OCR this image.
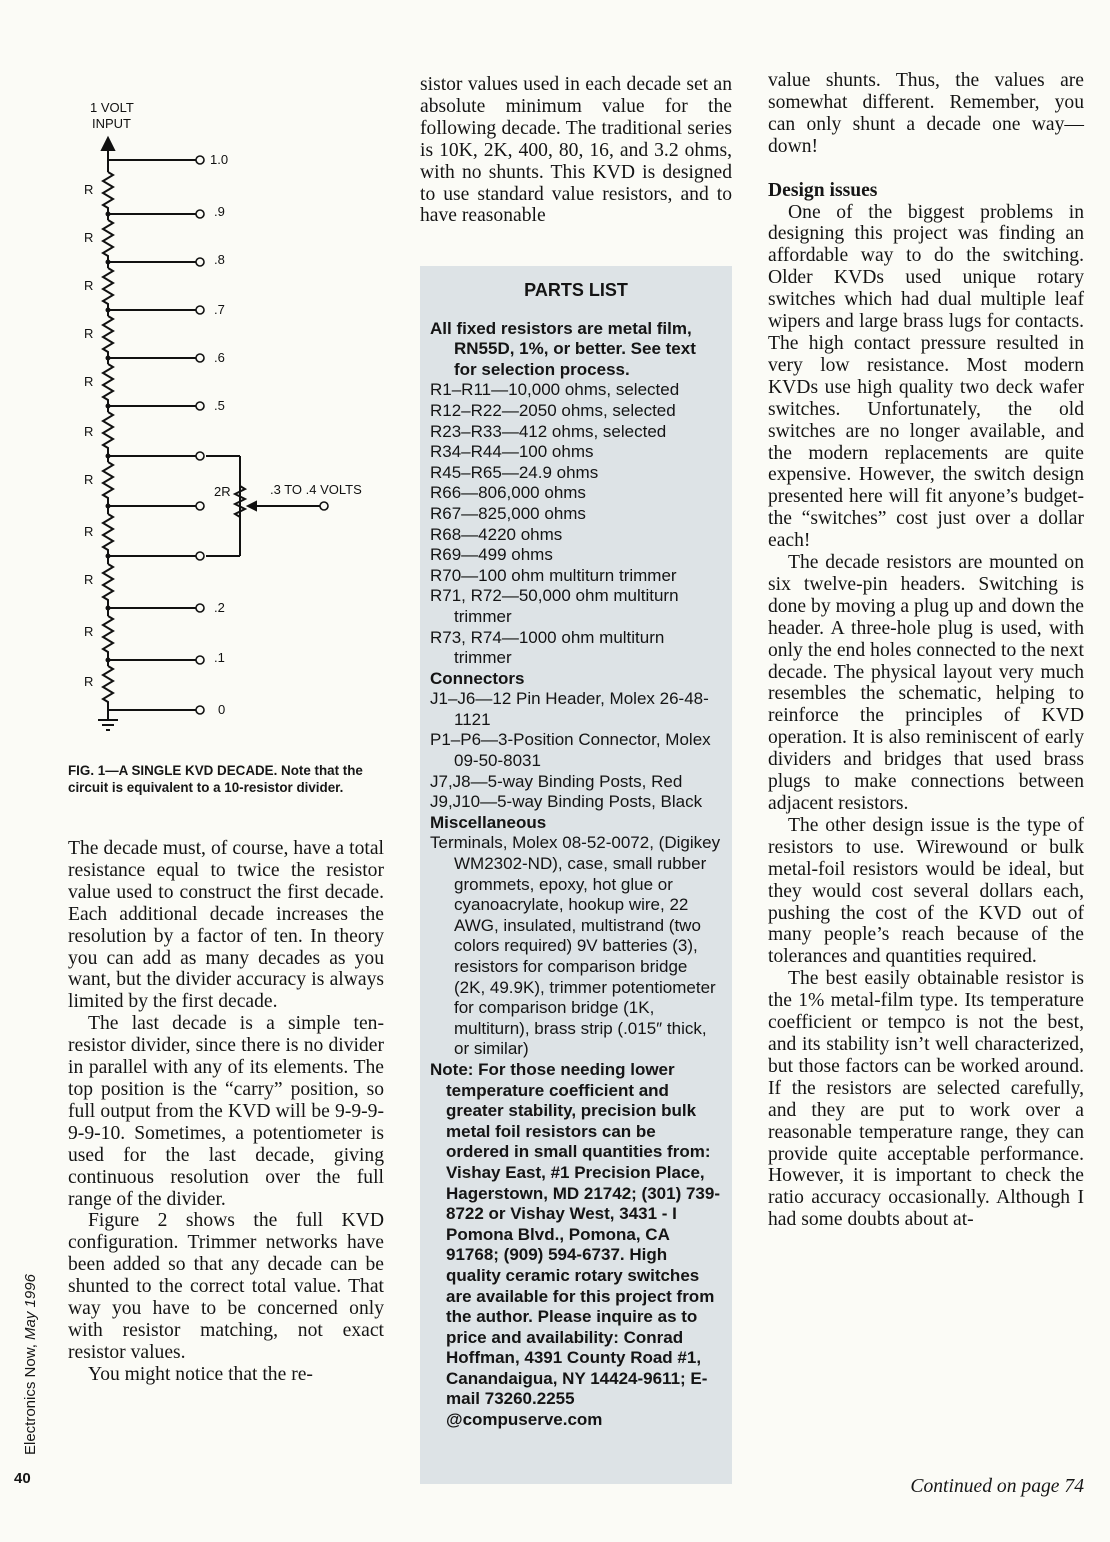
1 VOLT
INPUT
R
R
R
R
R
R
R
R
R
R
R
1.0
.9
.8
.7
.6
.5
.2
.1
0
2R	.3 TO .4 VOLTS
FIG. 1—A SINGLE KVD DECADE. Note that the circuit is equivalent to a 10-resistor divider.

The decade must, of course, have a total resistance equal to twice the resistor value used to construct the first decade. Each additional decade increases the resolution by a factor of ten. In theory you can add as many decades as you want, but the divider accuracy is always limited by the first decade.

The last decade is a simple ten-resistor divider, since there is no divider in parallel with any of its elements. The top position is the “carry” position, so full output from the KVD will be 9-9-9-9-9-10. Sometimes, a potentiometer is used for the last decade, giving continuous resolution over the full range of the divider.

Figure 2 shows the full KVD configuration. Trimmer networks have been added so that any decade can be shunted to the correct total value. That way you have to be concerned only with resistor matching, not exact resistor values.

You might notice that the re-

sistor values used in each decade set an absolute minimum value for the following decade. The traditional series is 10K, 2K, 400, 80, 16, and 3.2 ohms, with no shunts. This KVD is designed to use standard value resistors, and to have reasonable

PARTS LIST
All fixed resistors are metal film, RN55D, 1%, or better. See text for selection process.
R1–R11—10,000 ohms, selected
R12–R22—2050 ohms, selected
R23–R33—412 ohms, selected
R34–R44—100 ohms
R45–R65—24.9 ohms
R66—806,000 ohms
R67—825,000 ohms
R68—4220 ohms
R69—499 ohms
R70—100 ohm multiturn trimmer
R71, R72—50,000 ohm multiturn trimmer
R73, R74—1000 ohm multiturn trimmer
Connectors
J1–J6—12 Pin Header, Molex 26-48-1121
P1–P6—3-Position Connector, Molex 09-50-8031
J7,J8—5-way Binding Posts, Red
J9,J10—5-way Binding Posts, Black
Miscellaneous
Terminals, Molex 08-52-0072, (Digikey WM2302-ND), case, small rubber grommets, epoxy, hot glue or cyanoacrylate, hookup wire, 22 AWG, insulated, multistrand (two colors required) 9V batteries (3), resistors for comparison bridge (2K, 49.9K), trimmer potentiometer for comparison bridge (1K, multiturn), brass strip (.015″ thick, or similar)
Note: For those needing lower temperature coefficient and greater stability, precision bulk metal foil resistors can be ordered in small quantities from: Vishay East, #1 Precision Place, Hagerstown, MD 21742; (301) 739-8722 or Vishay West, 3431 - I Pomona Blvd., Pomona, CA 91768; (909) 594-6737. High quality ceramic rotary switches are available for this project from the author. Please inquire as to price and availability: Conrad Hoffman, 4391 County Road #1, Canandaigua, NY 14424-9611; E-mail 73260.2255 @compuserve.com

value shunts. Thus, the values are somewhat different. Remember, you can only shunt a decade one way—down!

Design issues

One of the biggest problems in designing this project was finding an affordable way to do the switching. Older KVDs used unique rotary switches which had dual multiple leaf wipers and large brass lugs for contacts. The high contact pressure resulted in very low resistance. Most modern KVDs use high quality two deck wafer switches. Unfortunately, the old switches are no longer available, and the modern replacements are quite expensive. However, the switch design presented here will fit anyone’s budget- the “switches” cost just over a dollar each!

The decade resistors are mounted on six twelve-pin headers. Switching is done by moving a plug up and down the header. A three-hole plug is used, with only the end holes connected to the next decade. The physical layout very much resembles the schematic, helping to reinforce the principles of KVD operation. It is also reminiscent of early dividers and bridges that used brass plugs to make connections between adjacent resistors.

The other design issue is the type of resistors to use. Wirewound or bulk metal-foil resistors would be ideal, but they would cost several dollars each, pushing the cost of the KVD out of many people’s reach because of the tolerances and quantities required.

The best easily obtainable resistor is the 1% metal-film type. Its temperature coefficient or tempco is not the best, and its stability isn’t well characterized, but those factors can be worked around. If the resistors are selected carefully, and they are put to work over a reasonable temperature range, they can provide quite acceptable performance. However, it is important to check the ratio accuracy occasionally. Although I had some doubts about at-

Continued on page 74
40
Electronics Now, May 1996
